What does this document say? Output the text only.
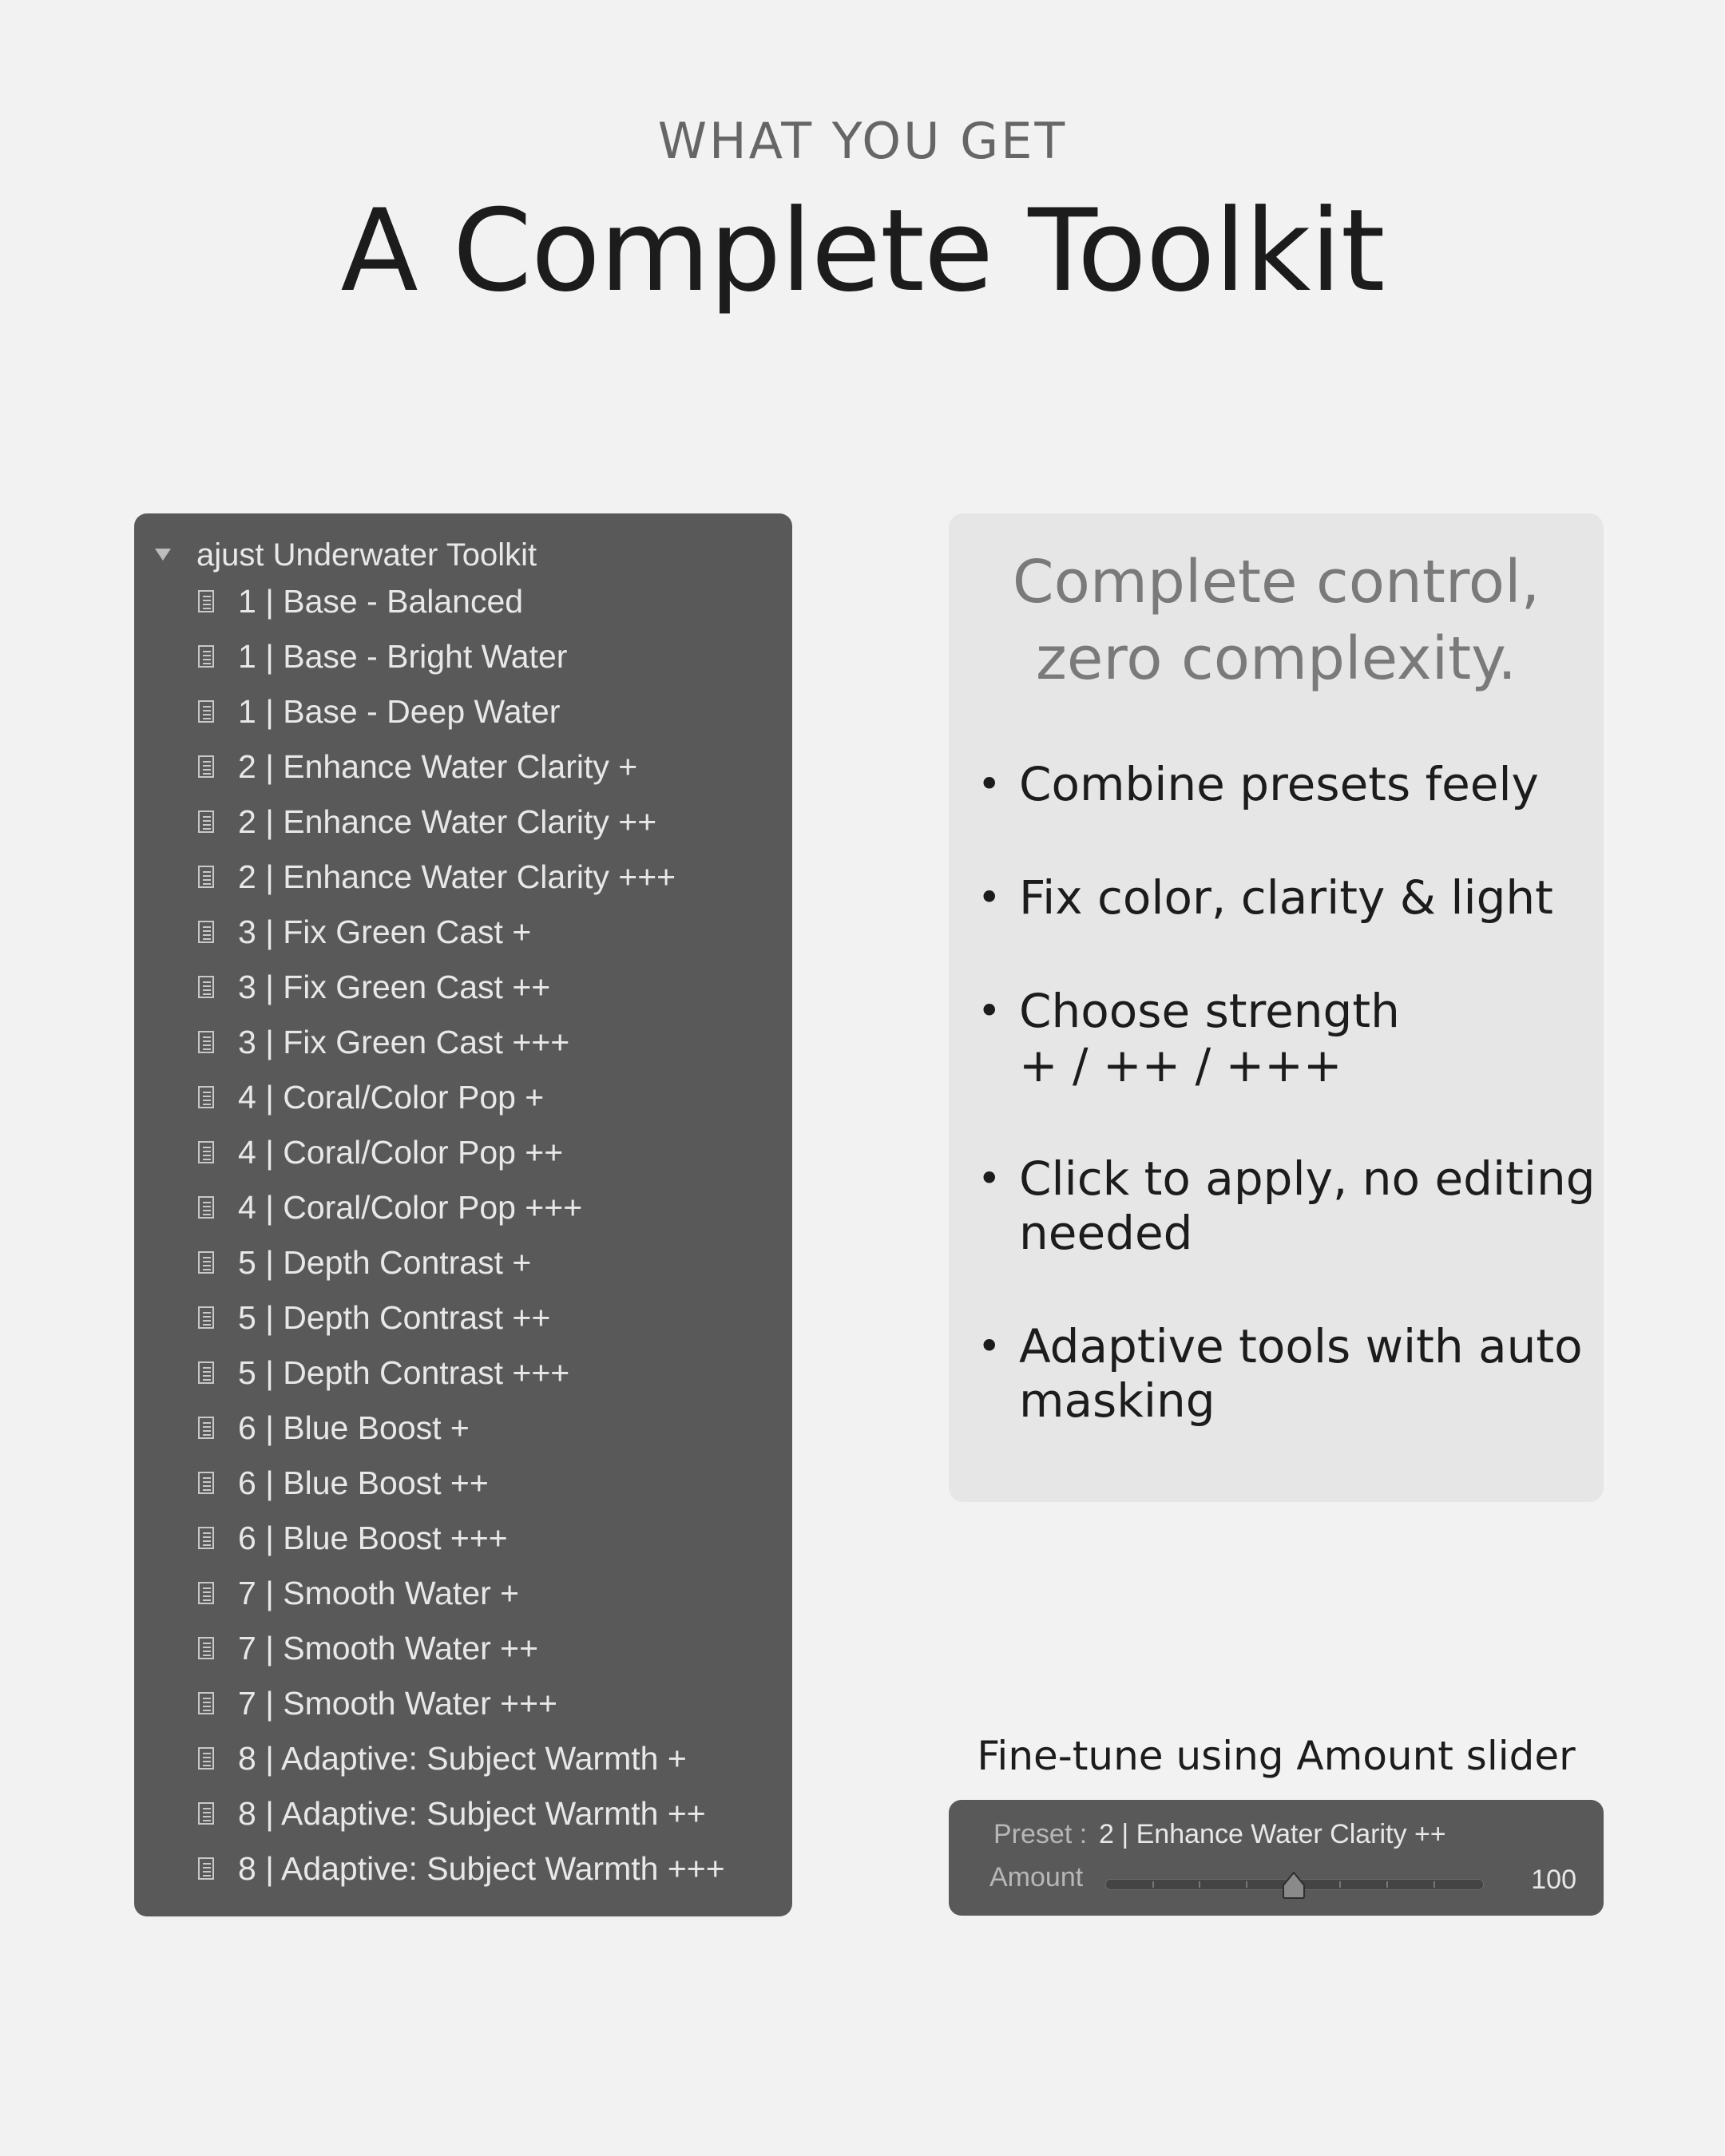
WHAT YOU GET
A Complete Toolkit
ajust Underwater Toolkit
1 | Base - Balanced
1 | Base - Bright Water
1 | Base - Deep Water
2 | Enhance Water Clarity +
2 | Enhance Water Clarity ++
2 | Enhance Water Clarity +++
3 | Fix Green Cast +
3 | Fix Green Cast ++
3 | Fix Green Cast +++
4 | Coral/Color Pop +
4 | Coral/Color Pop ++
4 | Coral/Color Pop +++
5 | Depth Contrast +
5 | Depth Contrast ++
5 | Depth Contrast +++
6 | Blue Boost +
6 | Blue Boost ++
6 | Blue Boost +++
7 | Smooth Water +
7 | Smooth Water ++
7 | Smooth Water +++
8 | Adaptive: Subject Warmth +
8 | Adaptive: Subject Warmth ++
8 | Adaptive: Subject Warmth +++
Complete control,
zero complexity.
• Combine presets feely
• Fix color, clarity & light
• Choose strength
+ / ++ / +++
• Click to apply, no editing
needed
• Adaptive tools with auto
masking
Fine-tune using Amount slider
Preset : 2 | Enhance Water Clarity ++
Amount	100
